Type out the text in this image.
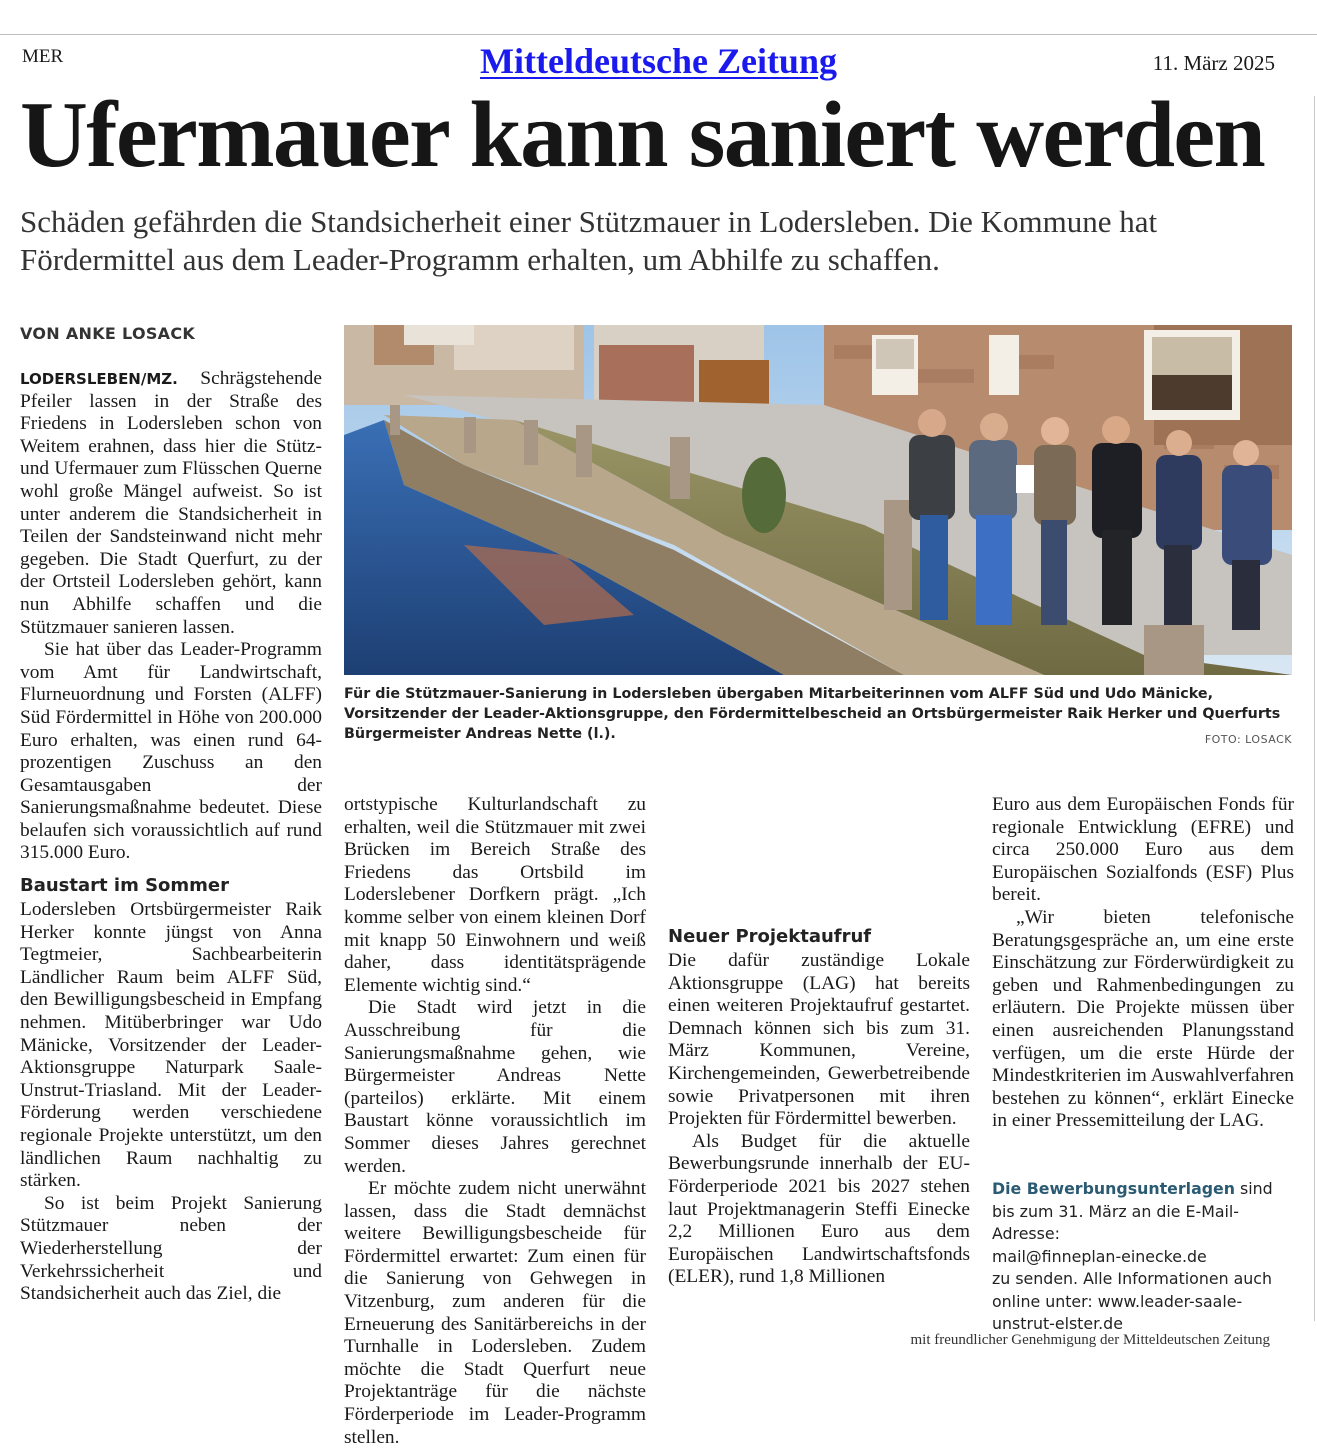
MER	Mitteldeutsche Zeitung	11. März 2025
Ufermauer kann saniert werden
Schäden gefährden die Standsicherheit einer Stützmauer in Lodersleben. Die Kommune hat Fördermittel aus dem Leader-Programm erhalten, um Abhilfe zu schaffen.
VON ANKE LOSACK

LODERSLEBEN/MZ. Schrägstehende Pfeiler lassen in der Straße des Friedens in Lodersleben schon von Weitem erahnen, dass hier die Stütz- und Ufermauer zum Flüsschen Querne wohl große Mängel aufweist. So ist unter anderem die Standsicherheit in Teilen der Sandsteinwand nicht mehr gegeben. Die Stadt Querfurt, zu der der Ortsteil Lodersleben gehört, kann nun Abhilfe schaffen und die Stützmauer sanieren lassen.

Sie hat über das Leader-Programm vom Amt für Landwirtschaft, Flurneuordnung und Forsten (ALFF) Süd Fördermittel in Höhe von 200.000 Euro erhalten, was einen rund 64-prozentigen Zuschuss an den Gesamtausgaben der Sanierungsmaßnahme bedeutet. Diese belaufen sich voraussichtlich auf rund 315.000 Euro.

Baustart im Sommer

Lodersleben Ortsbürgermeister Raik Herker konnte jüngst von Anna Tegtmeier, Sachbearbeiterin Ländlicher Raum beim ALFF Süd, den Bewilligungsbescheid in Empfang nehmen. Mitüberbringer war Udo Mänicke, Vorsitzender der Leader-Aktionsgruppe Naturpark Saale-Unstrut-Triasland. Mit der Leader-Förderung werden verschiedene regionale Projekte unterstützt, um den ländlichen Raum nachhaltig zu stärken.

So ist beim Projekt Sanierung Stützmauer neben der Wiederherstellung der Verkehrssicherheit und Standsicherheit auch das Ziel, die

Für die Stützmauer-Sanierung in Lodersleben übergaben Mitarbeiterinnen vom ALFF Süd und Udo Mänicke, Vorsitzender der Leader-Aktionsgruppe, den Fördermittelbescheid an Ortsbürgermeister Raik Herker und Querfurts Bürgermeister Andreas Nette (l.).	FOTO: LOSACK

ortstypische Kulturlandschaft zu erhalten, weil die Stützmauer mit zwei Brücken im Bereich Straße des Friedens das Ortsbild im Loderslebener Dorfkern prägt. „Ich komme selber von einem kleinen Dorf mit knapp 50 Einwohnern und weiß daher, dass identitätsprägende Elemente wichtig sind.“

Die Stadt wird jetzt in die Ausschreibung für die Sanierungsmaßnahme gehen, wie Bürgermeister Andreas Nette (parteilos) erklärte. Mit einem Baustart könne voraussichtlich im Sommer dieses Jahres gerechnet werden.

Er möchte zudem nicht unerwähnt lassen, dass die Stadt demnächst weitere Bewilligungsbescheide für Fördermittel erwartet: Zum einen für die Sanierung von Gehwegen in Vitzenburg, zum anderen für die Erneuerung des Sanitärbereichs in der Turnhalle in Lodersleben. Zudem möchte die Stadt Querfurt neue Projektanträge für die nächste Förderperiode im Leader-Programm stellen.

Neuer Projektaufruf

Die dafür zuständige Lokale Aktionsgruppe (LAG) hat bereits einen weiteren Projektaufruf gestartet. Demnach können sich bis zum 31. März Kommunen, Vereine, Kirchengemeinden, Gewerbetreibende sowie Privatpersonen mit ihren Projekten für Fördermittel bewerben.

Als Budget für die aktuelle Bewerbungsrunde innerhalb der EU-Förderperiode 2021 bis 2027 stehen laut Projektmanagerin Steffi Einecke 2,2 Millionen Euro aus dem Europäischen Landwirtschaftsfonds (ELER), rund 1,8 Millionen

Euro aus dem Europäischen Fonds für regionale Entwicklung (EFRE) und circa 250.000 Euro aus dem Europäischen Sozialfonds (ESF) Plus bereit.

„Wir bieten telefonische Beratungsgespräche an, um eine erste Einschätzung zur Förderwürdigkeit zu geben und Rahmenbedingungen zu erläutern. Die Projekte müssen über einen ausreichenden Planungsstand verfügen, um die erste Hürde der Mindestkriterien im Auswahlverfahren bestehen zu können“, erklärt Einecke in einer Pressemitteilung der LAG.

Die Bewerbungsunterlagen sind bis zum 31. März an die E-Mail-Adresse:
mail@finneplan-einecke.de
zu senden. Alle Informationen auch online unter: www.leader-saale-unstrut-elster.de
mit freundlicher Genehmigung der Mitteldeutschen Zeitung
